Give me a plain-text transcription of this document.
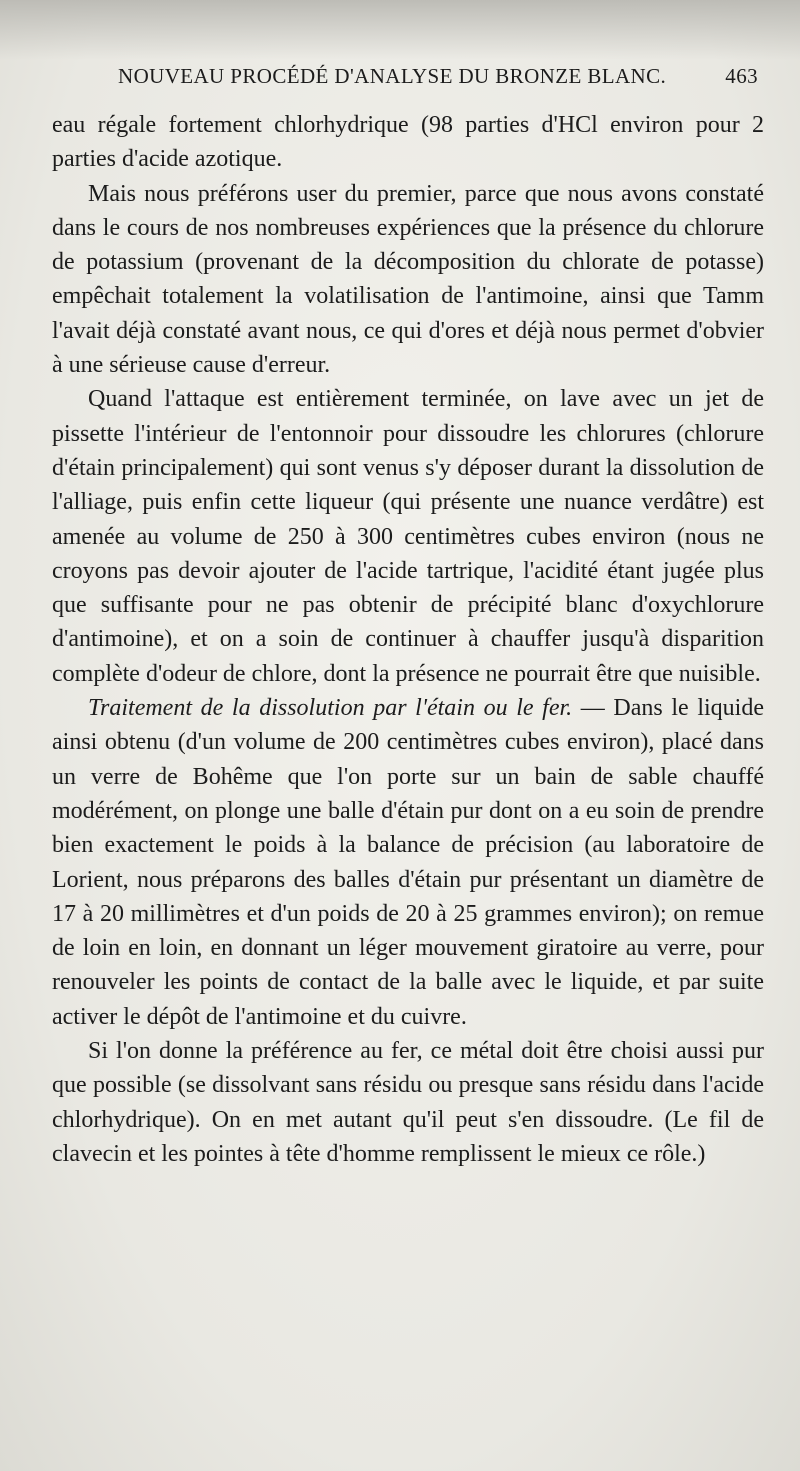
NOUVEAU PROCÉDÉ D'ANALYSE DU BRONZE BLANC.	463

eau régale fortement chlorhydrique (98 parties d'HCl environ pour 2 parties d'acide azotique.

Mais nous préférons user du premier, parce que nous avons constaté dans le cours de nos nombreuses expériences que la présence du chlorure de potassium (provenant de la décomposition du chlorate de potasse) empêchait totalement la volatilisation de l'antimoine, ainsi que Tamm l'avait déjà constaté avant nous, ce qui d'ores et déjà nous permet d'obvier à une sérieuse cause d'erreur.

Quand l'attaque est entièrement terminée, on lave avec un jet de pissette l'intérieur de l'entonnoir pour dissoudre les chlorures (chlorure d'étain principalement) qui sont venus s'y déposer durant la dissolution de l'alliage, puis enfin cette liqueur (qui présente une nuance verdâtre) est amenée au volume de 250 à 300 centimètres cubes environ (nous ne croyons pas devoir ajouter de l'acide tartrique, l'acidité étant jugée plus que suffisante pour ne pas obtenir de précipité blanc d'oxychlorure d'antimoine), et on a soin de continuer à chauffer jusqu'à disparition complète d'odeur de chlore, dont la présence ne pourrait être que nuisible.

Traitement de la dissolution par l'étain ou le fer. — Dans le liquide ainsi obtenu (d'un volume de 200 centimètres cubes environ), placé dans un verre de Bohême que l'on porte sur un bain de sable chauffé modérément, on plonge une balle d'étain pur dont on a eu soin de prendre bien exactement le poids à la balance de précision (au laboratoire de Lorient, nous préparons des balles d'étain pur présentant un diamètre de 17 à 20 millimètres et d'un poids de 20 à 25 grammes environ); on remue de loin en loin, en donnant un léger mouvement giratoire au verre, pour renouveler les points de contact de la balle avec le liquide, et par suite activer le dépôt de l'antimoine et du cuivre.

Si l'on donne la préférence au fer, ce métal doit être choisi aussi pur que possible (se dissolvant sans résidu ou presque sans résidu dans l'acide chlorhydrique). On en met autant qu'il peut s'en dissoudre. (Le fil de clavecin et les pointes à tête d'homme remplissent le mieux ce rôle.)
